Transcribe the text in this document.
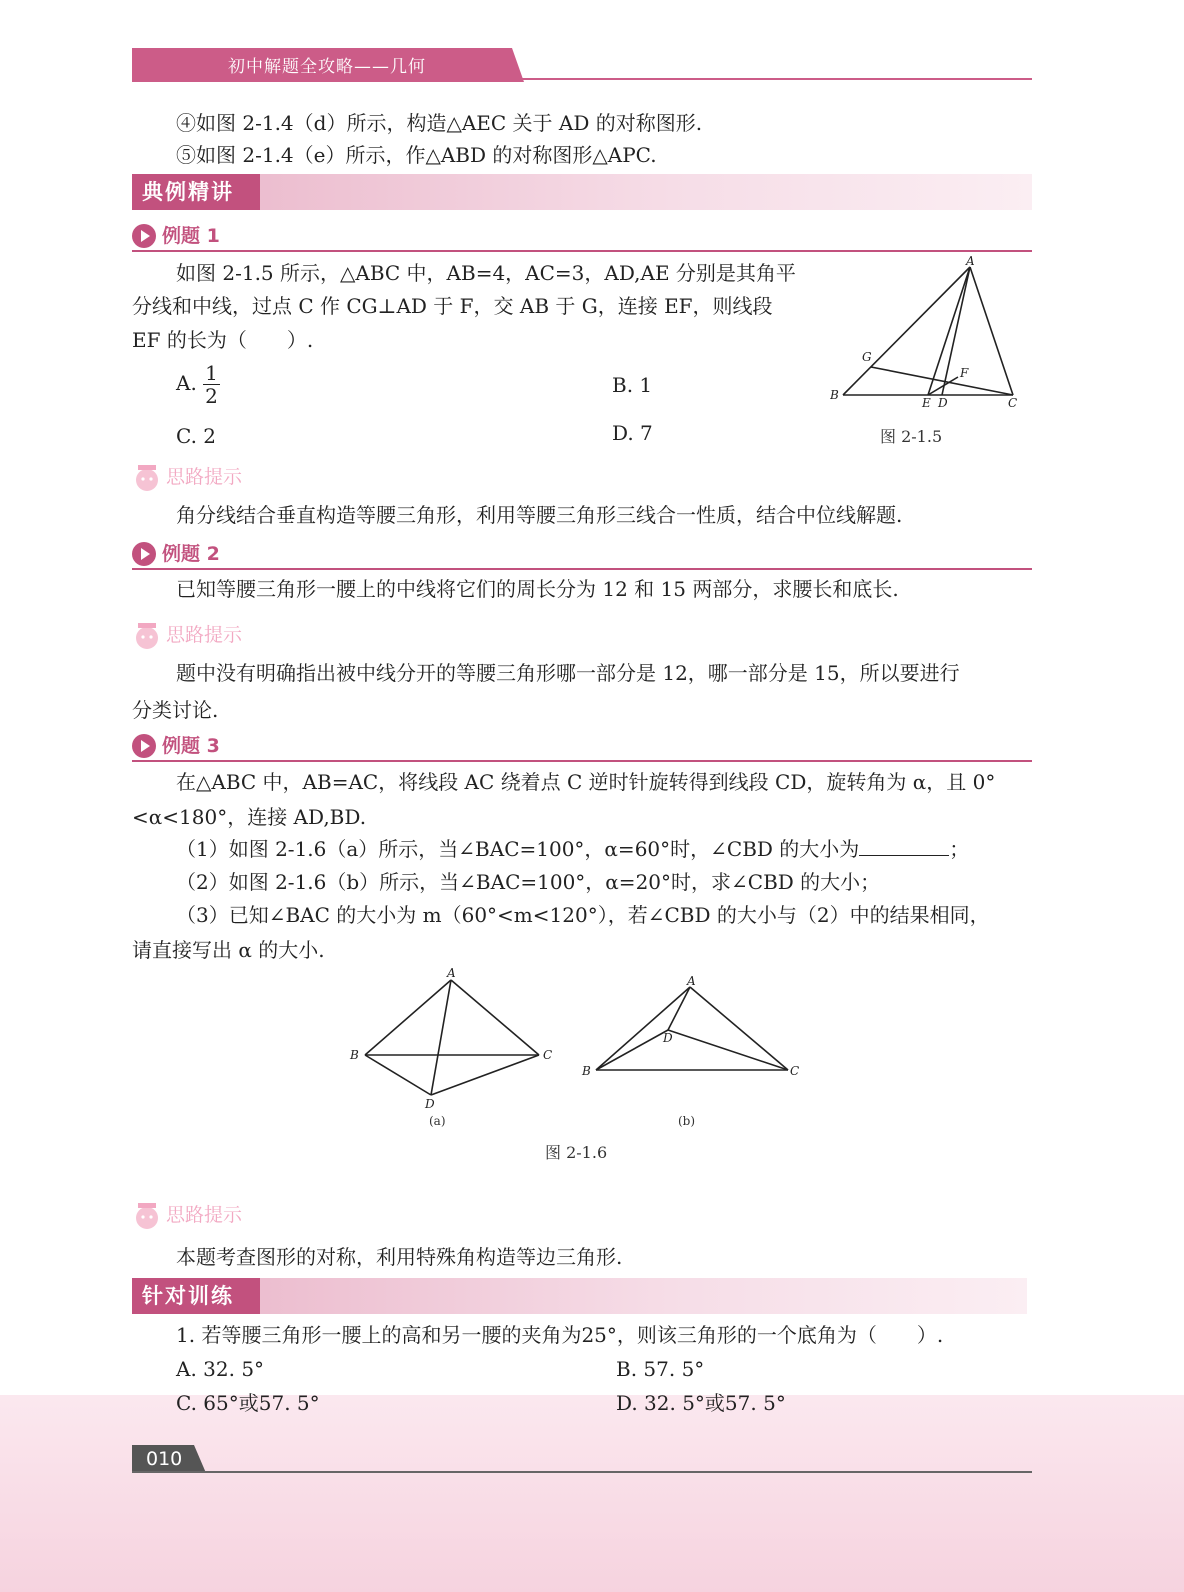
初中解题全攻略——几何
④如图 2-1.4（d）所示，构造△AEC 关于 AD 的对称图形.
⑤如图 2-1.4（e）所示，作△ABD 的对称图形△APC.
典例精讲
例题 1
如图 2-1.5 所示，△ABC 中，AB=4，AC=3，AD,AE 分别是其角平
分线和中线，过点 C 作 CG⊥AD 于 F，交 AB 于 G，连接 EF，则线段
EF 的长为（　　）.
A. $\frac{1}{2}$	B. 1
C. 2	D. 7
A
B
C
D
E
F
G
图 2-1.5
思路提示
角分线结合垂直构造等腰三角形，利用等腰三角形三线合一性质，结合中位线解题.
例题 2
已知等腰三角形一腰上的中线将它们的周长分为 12 和 15 两部分，求腰长和底长.
思路提示
题中没有明确指出被中线分开的等腰三角形哪一部分是 12，哪一部分是 15，所以要进行
分类讨论.
例题 3
在△ABC 中，AB=AC，将线段 AC 绕着点 C 逆时针旋转得到线段 CD，旋转角为 α，且 0°
<α<180°，连接 AD,BD.
（1）如图 2-1.6（a）所示，当∠BAC=100°，α=60°时，∠CBD 的大小为	；
（2）如图 2-1.6（b）所示，当∠BAC=100°，α=20°时，求∠CBD 的大小；
（3）已知∠BAC 的大小为 m（60°<m<120°），若∠CBD 的大小与（2）中的结果相同，
请直接写出 α 的大小.
A
B	C
D
(a)
A
B	C
D
(b)
图 2-1.6
思路提示
本题考查图形的对称，利用特殊角构造等边三角形.
针对训练
1. 若等腰三角形一腰上的高和另一腰的夹角为25°，则该三角形的一个底角为（　　）.
A. 32. 5°	B. 57. 5°
C. 65°或57. 5°	D. 32. 5°或57. 5°
010
